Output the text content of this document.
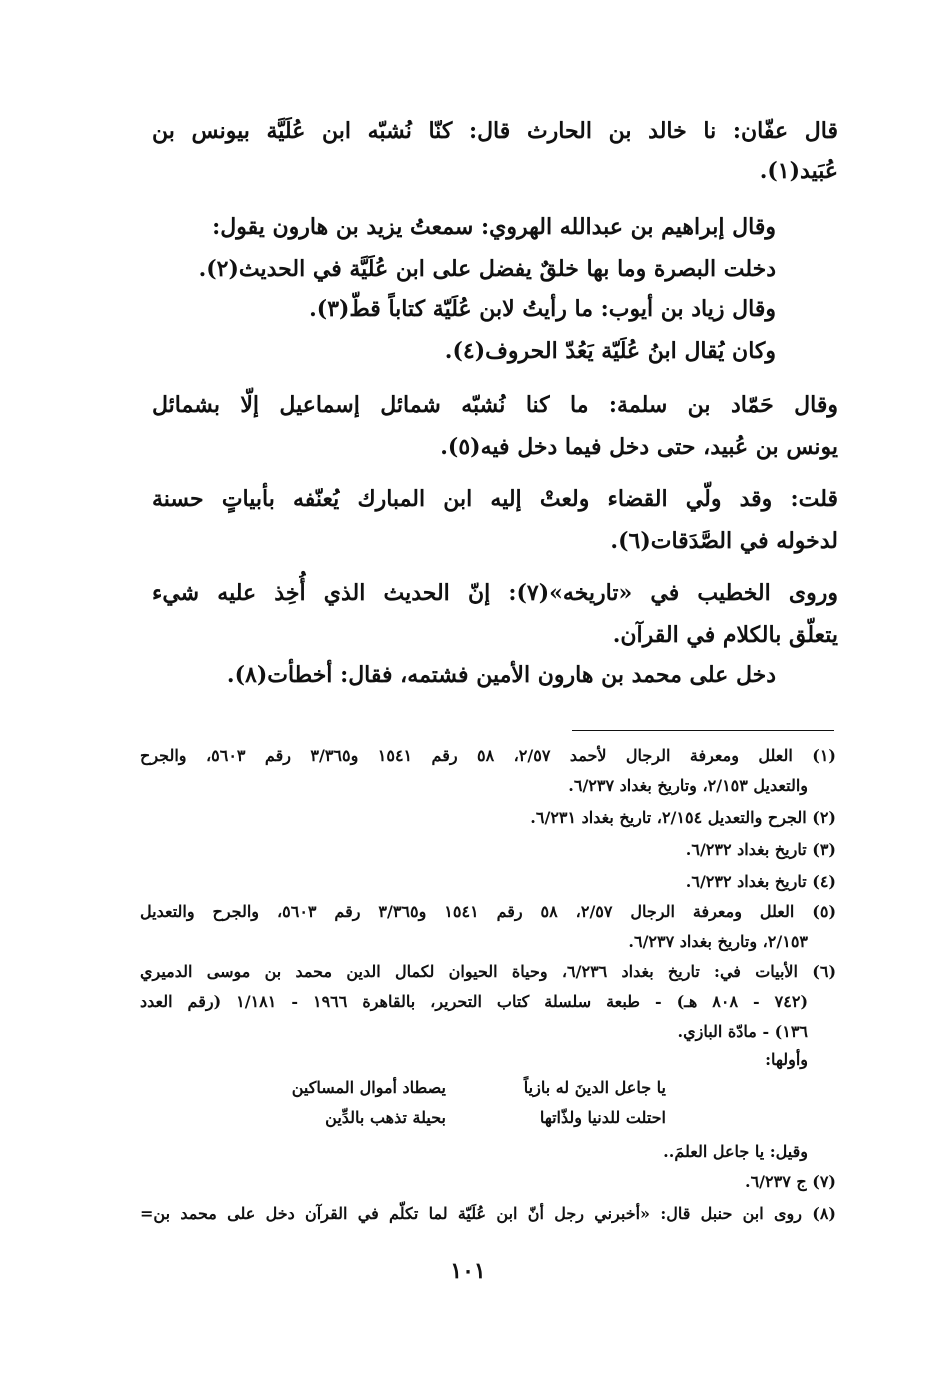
قال عفّان: نا خالد بن الحارث قال: كنّا نُشبّه ابن عُلَيَّة بيونس بن
عُبَيد(١).
وقال إبراهيم بن عبدالله الهروي: سمعتُ يزيد بن هارون يقول:
دخلت البصرة وما بها خلقٌ يفضل على ابن عُلَيَّة في الحديث(٢).
وقال زياد بن أيوب: ما رأيتُ لابن عُلَيّة كتاباً قطّ(٣).
وكان يُقال ابنُ عُلَيّة يَعُدّ الحروف(٤).
وقال حَمّاد بن سلمة: ما كنا نُشبّه شمائل إسماعيل إلّا بشمائل
يونس بن عُبيد، حتى دخل فيما دخل فيه(٥).
قلت: وقد ولّي القضاء ولعتْ إليه ابن المبارك يُعنّفه بأبياتٍ حسنة
لدخوله في الصَّدَقات(٦).
وروى الخطيب في «تاريخه»(٧): إنّ الحديث الذي أُخِذ عليه شيء
يتعلّق بالكلام في القرآن.
دخل على محمد بن هارون الأمين فشتمه، فقال: أخطأت(٨).
(١) العلل ومعرفة الرجال لأحمد ٢/٥٧، ٥٨ رقم ١٥٤١ و٣/٣٦٥ رقم ٥٦٠٣، والجرح
والتعديل ٢/١٥٣، وتاريخ بغداد ٦/٢٣٧.
(٢) الجرح والتعديل ٢/١٥٤، تاريخ بغداد ٦/٢٣١.
(٣) تاريخ بغداد ٦/٢٣٢.
(٤) تاريخ بغداد ٦/٢٣٢.
(٥) العلل ومعرفة الرجال ٢/٥٧، ٥٨ رقم ١٥٤١ و٣/٣٦٥ رقم ٥٦٠٣، والجرح والتعديل
٢/١٥٣، وتاريخ بغداد ٦/٢٣٧.
(٦) الأبيات في: تاريخ بغداد ٦/٢٣٦، وحياة الحيوان لكمال الدين محمد بن موسى الدميري
(٧٤٢ - ٨٠٨ هـ) - طبعة سلسلة كتاب التحرير، بالقاهرة ١٩٦٦ - ١/١٨١ (رقم العدد
١٣٦) - مادّة البازي.
وأولها:
يا جاعل الدينَ له بازياً
يصطاد أموال المساكين
احتلت للدنيا ولذّاتها
بحيلة تذهب بالدِّين
وقيل: يا جاعل العلمَ..
(٧) ج ٦/٢٣٧.
(٨) روى ابن حنبل قال: «أخبرني رجل أنّ ابن عُلَيّة لما تكلّم في القرآن دخل على محمد بن=
١٠١
